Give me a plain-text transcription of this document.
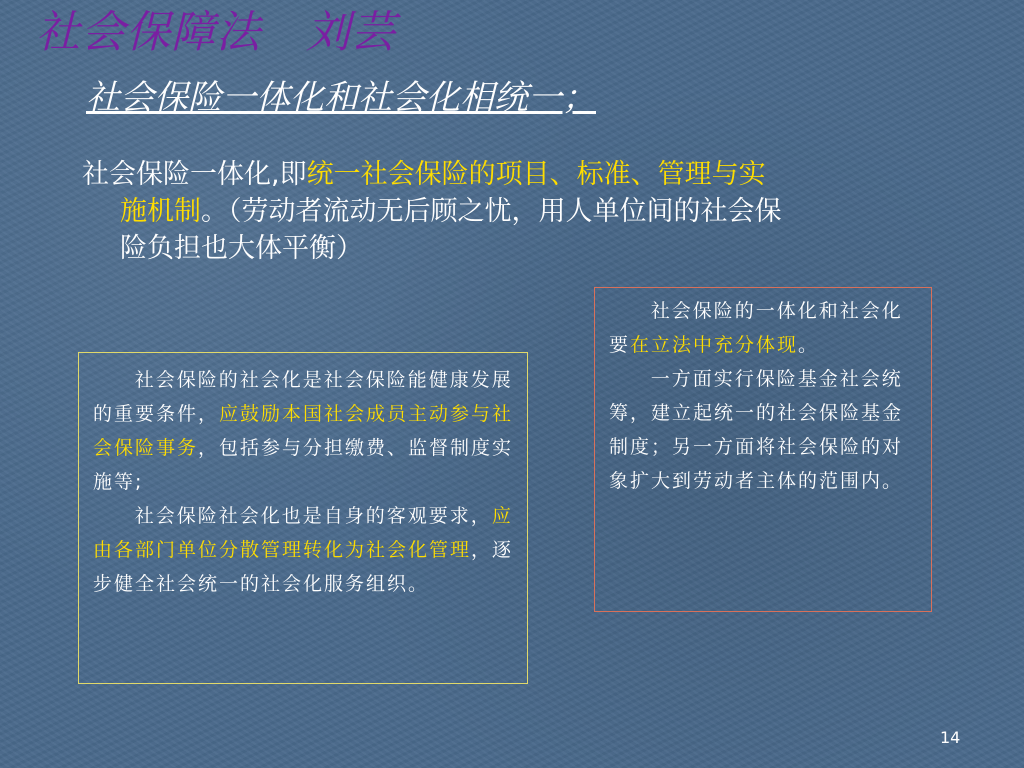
社会保障法　刘芸
社会保险一体化和社会化相统一；
社会保险一体化,即统一社会保险的项目、标准、管理与实
施机制。（劳动者流动无后顾之忧，用人单位间的社会保
险负担也大体平衡）

社会保险的社会化是社会保险能健康发展的重要条件，应鼓励本国社会成员主动参与社会保险事务，包括参与分担缴费、监督制度实施等;

社会保险社会化也是自身的客观要求，应由各部门单位分散管理转化为社会化管理，逐步健全社会统一的社会化服务组织。

社会保险的一体化和社会化要在立法中充分体现。

一方面实行保险基金社会统筹，建立起统一的社会保险基金制度；另一方面将社会保险的对象扩大到劳动者主体的范围内。

14
